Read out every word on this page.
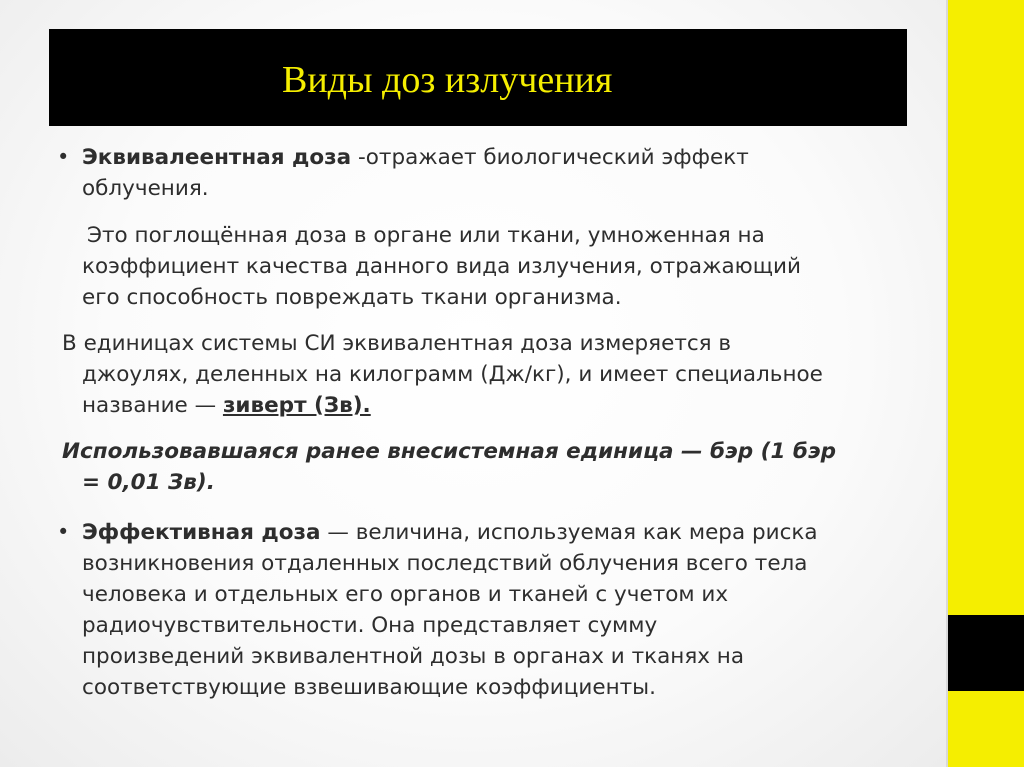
Виды доз излучения
• Эквивалеентная доза -отражает биологический эффект
облучения.
Это поглощённая доза в органе или ткани, умноженная на
коэффициент качества данного вида излучения, отражающий
его способность повреждать ткани организма.
В единицах системы СИ эквивалентная доза измеряется в
джоулях, деленных на килограмм (Дж/кг), и имеет специальное
название — зиверт (Зв).
Использовавшаяся ранее внесистемная единица — бэр (1 бэр
= 0,01 Зв).
• Эффективная доза — величина, используемая как мера риска
возникновения отдаленных последствий облучения всего тела
человека и отдельных его органов и тканей с учетом их
радиочувствительности. Она представляет сумму
произведений эквивалентной дозы в органах и тканях на
соответствующие взвешивающие коэффициенты.
